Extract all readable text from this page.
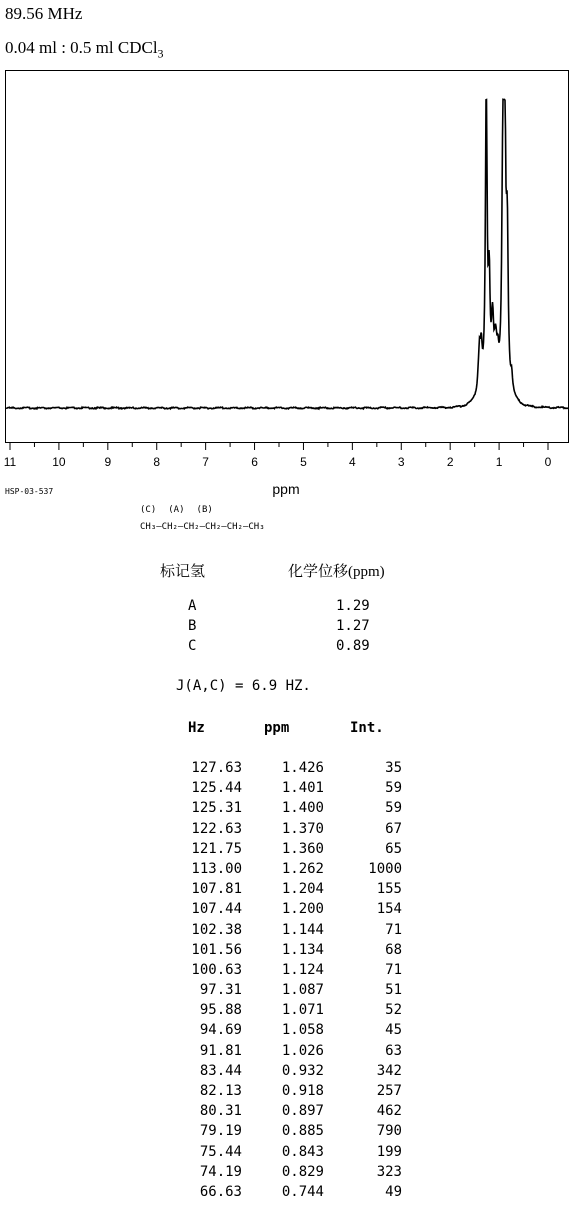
89.56 MHz
0.04 ml : 0.5 ml CDCl$_3$
11	10	9	8	7	6	5	4	3	2	1	0
ppm
HSP-03-537
(C) (A) (B)
CH₃—CH₂—CH₂—CH₂—CH₂—CH₃
标记氢	化学位移(ppm)
A	1.29
B	1.27
C	0.89
J(A,C) = 6.9 HZ.
Hz	ppm	Int.
127.63	1.426	35
125.44	1.401	59
125.31	1.400	59
122.63	1.370	67
121.75	1.360	65
113.00	1.262	1000
107.81	1.204	155
107.44	1.200	154
102.38	1.144	71
101.56	1.134	68
100.63	1.124	71
97.31	1.087	51
95.88	1.071	52
94.69	1.058	45
91.81	1.026	63
83.44	0.932	342
82.13	0.918	257
80.31	0.897	462
79.19	0.885	790
75.44	0.843	199
74.19	0.829	323
66.63	0.744	49
